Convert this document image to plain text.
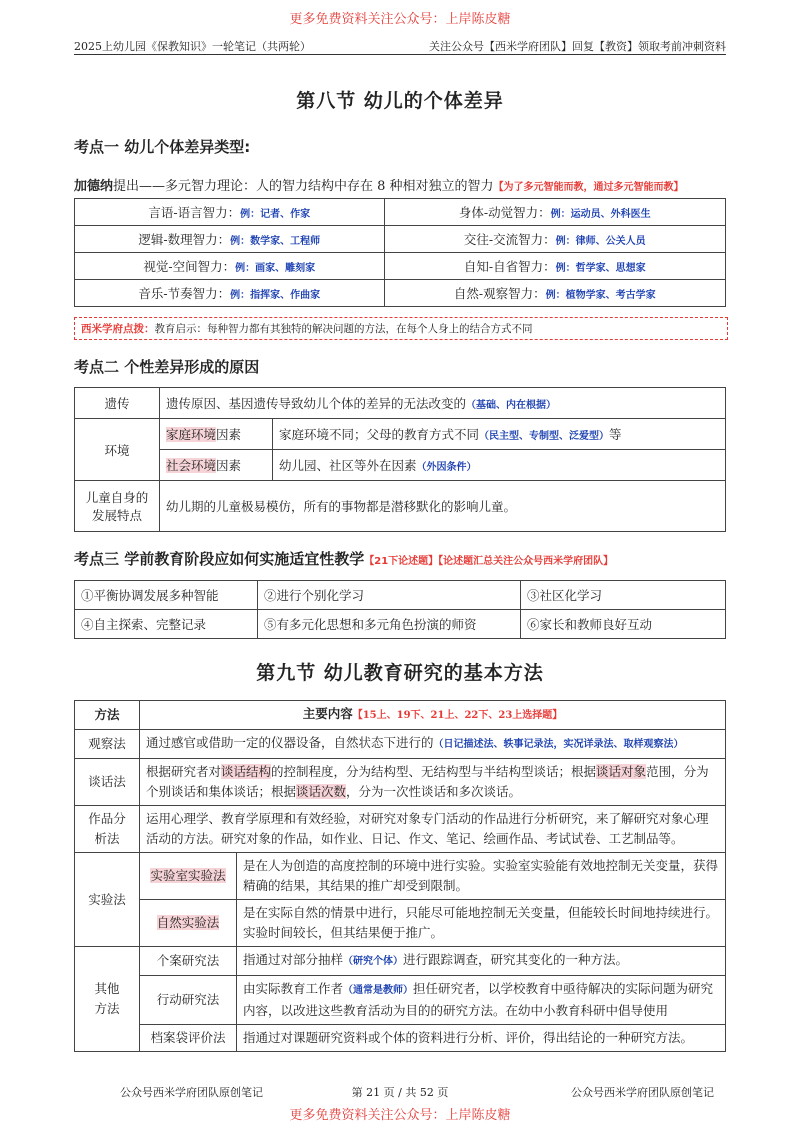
更多免费资料关注公众号：上岸陈皮糖
2025上幼儿园《保教知识》一轮笔记（共两轮）	关注公众号【西米学府团队】回复【教资】领取考前冲刺资料
第八节 幼儿的个体差异
考点一 幼儿个体差异类型:
加德纳提出——多元智力理论：人的智力结构中存在 8 种相对独立的智力【为了多元智能而教，通过多元智能而教】
言语-语言智力：例：记者、作家	身体-动觉智力：例：运动员、外科医生
逻辑-数理智力：例：数学家、工程师	交往-交流智力：例：律师、公关人员
视觉-空间智力：例：画家、雕刻家	自知-自省智力：例：哲学家、思想家
音乐-节奏智力：例：指挥家、作曲家	自然-观察智力：例：植物学家、考古学家
西米学府点拨：教育启示：每种智力都有其独特的解决问题的方法，在每个人身上的结合方式不同
考点二 个性差异形成的原因
遗传	遗传原因、基因遗传导致幼儿个体的差异的无法改变的（基础、内在根据）	
环境	家庭环境因素	家庭环境不同；父母的教育方式不同（民主型、专制型、泛爱型）等
	社会环境因素	幼儿园、社区等外在因素（外因条件）

儿童自身的
发展特点	幼儿期的儿童极易模仿，所有的事物都是潜移默化的影响儿童。	
考点三 学前教育阶段应如何实施适宜性教学【21下论述题】【论述题汇总关注公众号西米学府团队】
①平衡协调发展多种智能	②进行个别化学习	③社区化学习
④自主探索、完整记录	⑤有多元化思想和多元角色扮演的师资	⑥家长和教师良好互动
第九节 幼儿教育研究的基本方法
方法	主要内容【15上、19下、21上、22下、23上选择题】	
观察法	通过感官或借助一定的仪器设备，自然状态下进行的（日记描述法、轶事记录法，实况详录法、取样观察法）	
谈话法	根据研究者对谈话结构的控制程度，分为结构型、无结构型与半结构型谈话；根据谈话对象范围，分为个别谈话和集体谈话；根据谈话次数，分为一次性谈话和多次谈话。	

作品分
析法	运用心理学、教育学原理和有效经验，对研究对象专门活动的作品进行分析研究，来了解研究对象心理活动的方法。研究对象的作品，如作业、日记、作文、笔记、绘画作品、考试试卷、工艺制品等。	
实验法	实验室实验法	是在人为创造的高度控制的环境中进行实验。实验室实验能有效地控制无关变量，获得精确的结果，其结果的推广却受到限制。
	自然实验法	是在实际自然的情景中进行，只能尽可能地控制无关变量，但能较长时间地持续进行。实验时间较长，但其结果便于推广。

其他
方法	个案研究法	指通过对部分抽样（研究个体）进行跟踪调查，研究其变化的一种方法。
	行动研究法	由实际教育工作者（通常是教师）担任研究者，以学校教育中亟待解决的实际问题为研究内容，以改进这些教育活动为目的的研究方法。在幼中小教育科研中倡导使用
	档案袋评价法	指通过对课题研究资料或个体的资料进行分析、评价，得出结论的一种研究方法。
第 21 页 / 共 52 页
公众号西米学府团队原创笔记	公众号西米学府团队原创笔记
更多免费资料关注公众号：上岸陈皮糖
